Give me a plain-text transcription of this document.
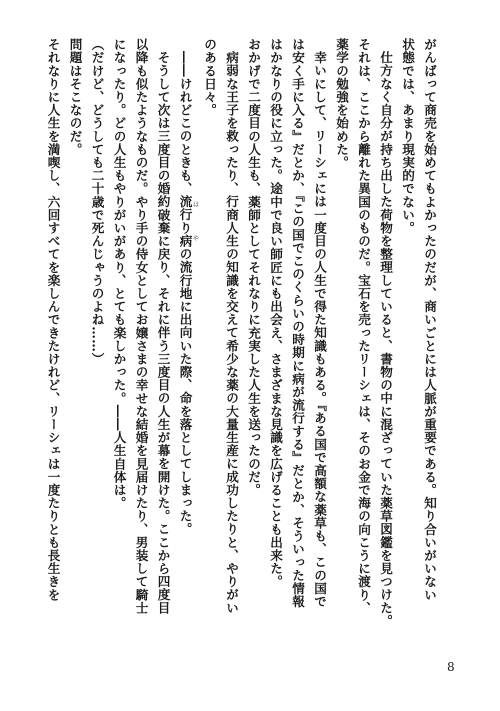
がんばって商売を始めてもよかったのだが、商いごとには人脈が重要である。知り合いがいない
状態では、あまり現実的でない。
仕方なく自分が持ち出した荷物を整理していると、書物の中に混ざっていた薬草図鑑を見つけた。
それは、ここから離れた異国のものだ。宝石を売ったリーシェは、そのお金で海の向こうに渡り、
薬学の勉強を始めた。
幸いにして、リーシェには一度目の人生で得た知識もある。『ある国で高額な薬草も、この国で
は安く手に入る』だとか、『この国でこのくらいの時期に病が流行する』だとか、そういった情報
はかなりの役に立った。途中で良い師匠にも出会え、さまざまな見識を広げることも出来た。
おかげで二度目の人生も、薬師としてそれなりに充実した人生を送ったのだ。
病弱な王子を救ったり、行商人生の知識を交えて希少な薬の大量生産に成功したりと、やりがい
のある日々。
――けれどこのときも、流行り病 はやの流行地に出向いた際、命を落としてしまった。
そうして次は三度目の婚約破棄に戻り、それに伴う三度目の人生が幕を開けた。ここから四度目
以降も似たようなものだ。やり手の侍女としてお嬢さまの幸せな結婚を見届けたり、男装して騎士
になったり。どの人生もやりがいがあり、とても楽しかった。――人生自体は。
（だけど、どうしても二十歳で死んじゃうのよね……）
問題はそこなのだ。
それなりに人生を満喫し、六回すべてを楽しんできたけれど、リーシェは一度たりとも長生きを
8
